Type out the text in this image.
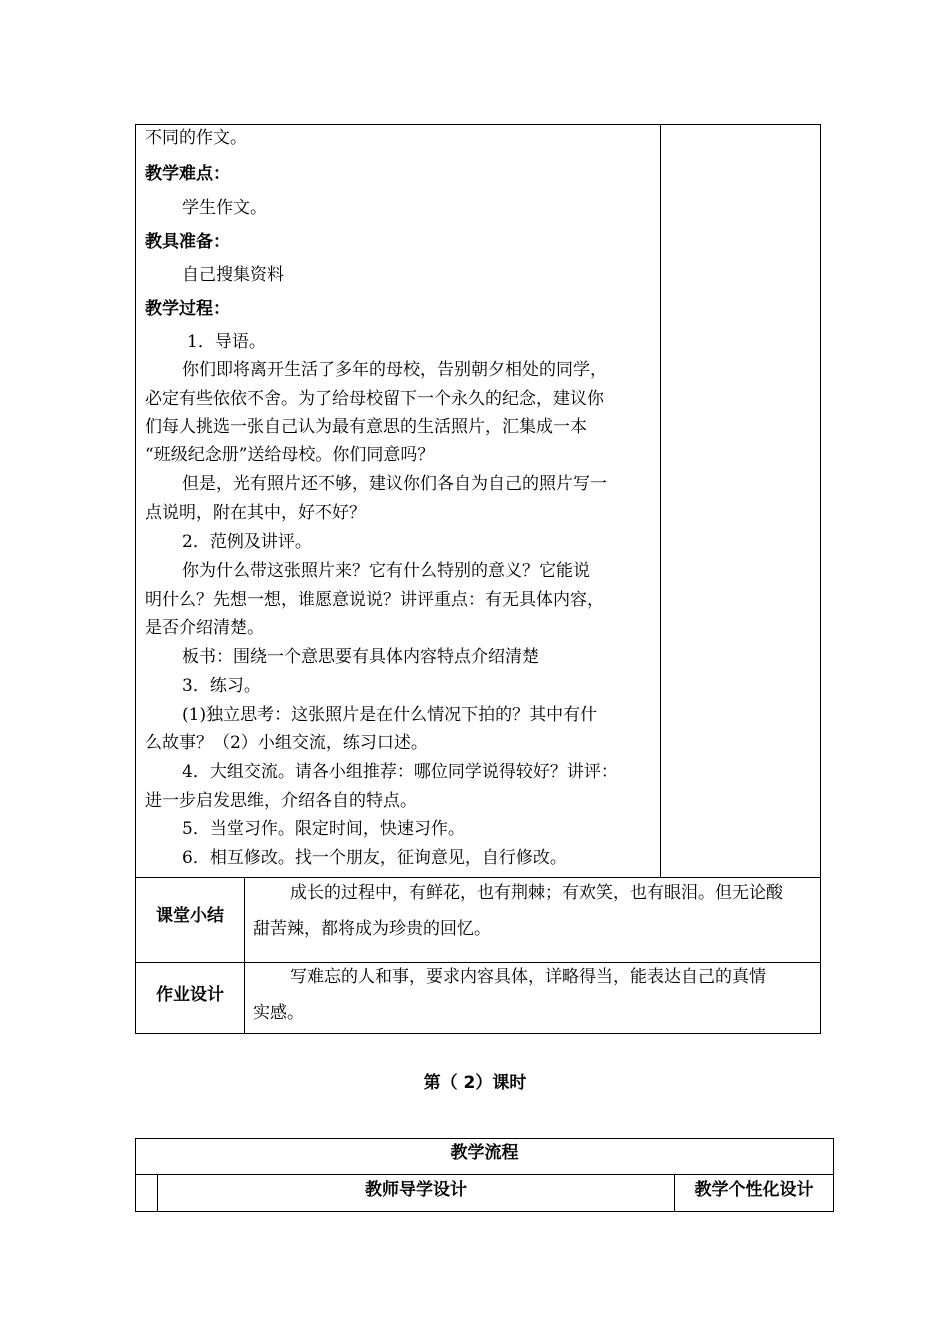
不同的作文。
教学难点：
学生作文。
教具准备：
自己搜集资料
教学过程：
1．导语。
你们即将离开生活了多年的母校，告别朝夕相处的同学，
必定有些依依不舍。为了给母校留下一个永久的纪念，建议你
们每人挑选一张自己认为最有意思的生活照片，汇集成一本
“班级纪念册”送给母校。你们同意吗？
但是，光有照片还不够，建议你们各自为自己的照片写一
点说明，附在其中，好不好？
2．范例及讲评。
你为什么带这张照片来？它有什么特别的意义？它能说
明什么？先想一想，谁愿意说说？讲评重点：有无具体内容，
是否介绍清楚。
板书：围绕一个意思要有具体内容特点介绍清楚
3．练习。
(1)独立思考：这张照片是在什么情况下拍的？其中有什
么故事？（2）小组交流，练习口述。
4．大组交流。请各小组推荐：哪位同学说得较好？讲评：
进一步启发思维，介绍各自的特点。
5．当堂习作。限定时间，快速习作。
6．相互修改。找一个朋友，征询意见，自行修改。
课堂小结
成长的过程中，有鲜花，也有荆棘；有欢笑，也有眼泪。但无论酸
甜苦辣，都将成为珍贵的回忆。
作业设计
写难忘的人和事，要求内容具体，详略得当，能表达自己的真情
实感。
第（ 2）课时
教学流程
教师导学设计	教学个性化设计
